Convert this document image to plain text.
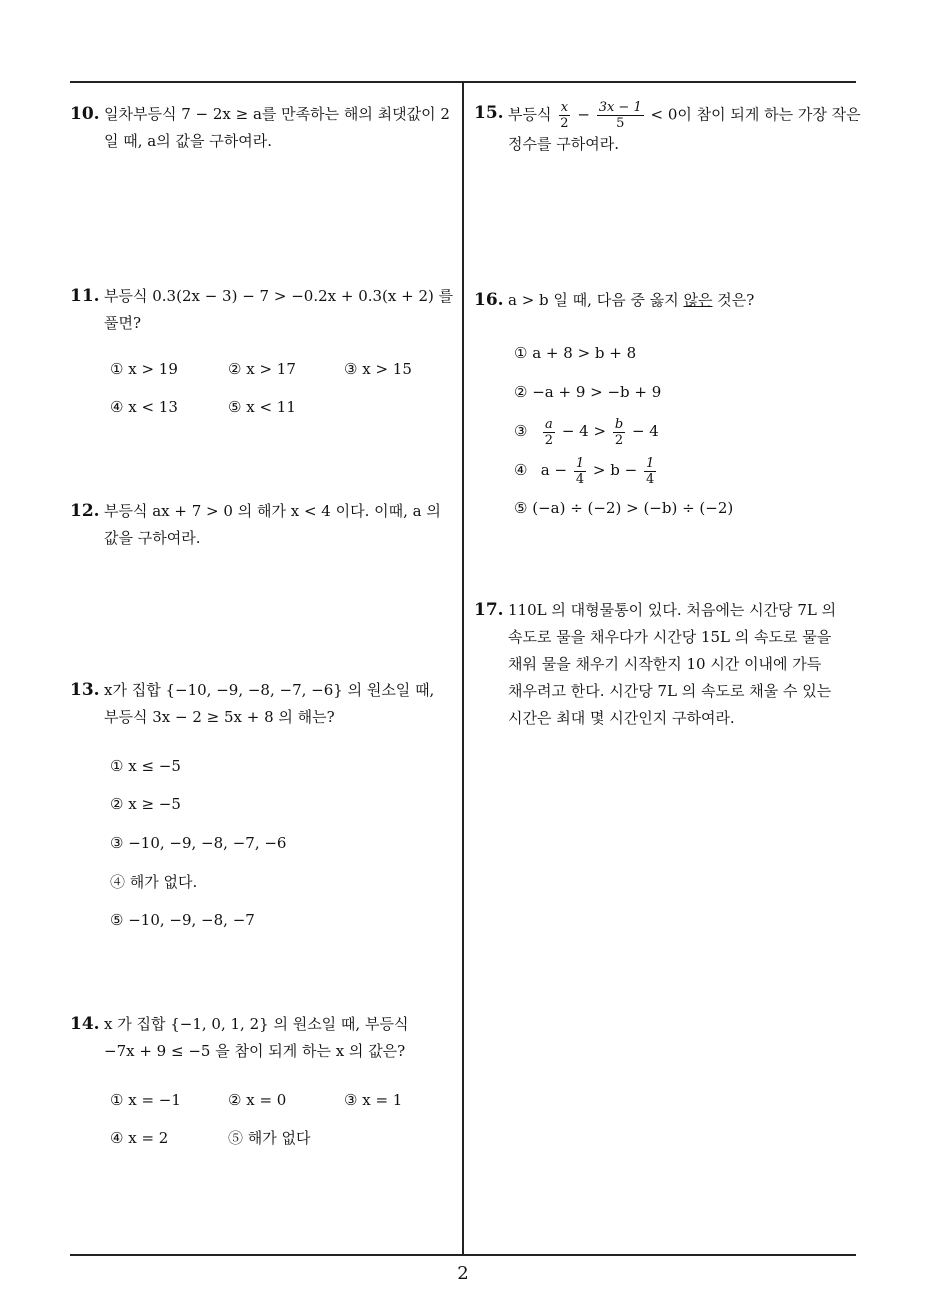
10. 일차부등식 7 − 2x ≥ a를 만족하는 해의 최댓값이 2
일 때, a의 값을 구하여라.
11. 부등식 0.3(2x − 3) − 7 > −0.2x + 0.3(x + 2) 를
풀면?
① x > 19	② x > 17	③ x > 15
④ x < 13	⑤ x < 11
12. 부등식 ax + 7 > 0 의 해가 x < 4 이다. 이때, a 의
값을 구하여라.
13. x가 집합 {−10, −9, −8, −7, −6} 의 원소일 때,
부등식 3x − 2 ≥ 5x + 8 의 해는?
① x ≤ −5
② x ≥ −5
③ −10, −9, −8, −7, −6
④ 해가 없다.
⑤ −10, −9, −8, −7
14. x 가 집합 {−1, 0, 1, 2} 의 원소일 때, 부등식
−7x + 9 ≤ −5 을 참이 되게 하는 x 의 값은?
① x = −1	② x = 0	③ x = 1
④ x = 2	⑤ 해가 없다
15. 부등식 $\frac{x}{2} - \frac{3x - 1}{5} < 0$이 참이 되게 하는 가장 작은
정수를 구하여라.
16. a > b 일 때, 다음 중 옳지 않은 것은?
① a + 8 > b + 8
② −a + 9 > −b + 9
③ $\frac{a}{2} - 4 > \frac{b}{2} - 4$
④ $a - \frac{1}{4} > b - \frac{1}{4}$
⑤ (−a) ÷ (−2) > (−b) ÷ (−2)
17. 110L 의 대형물통이 있다. 처음에는 시간당 7L 의
속도로 물을 채우다가 시간당 15L 의 속도로 물을
채워 물을 채우기 시작한지 10 시간 이내에 가득
채우려고 한다. 시간당 7L 의 속도로 채울 수 있는
시간은 최대 몇 시간인지 구하여라.
2
